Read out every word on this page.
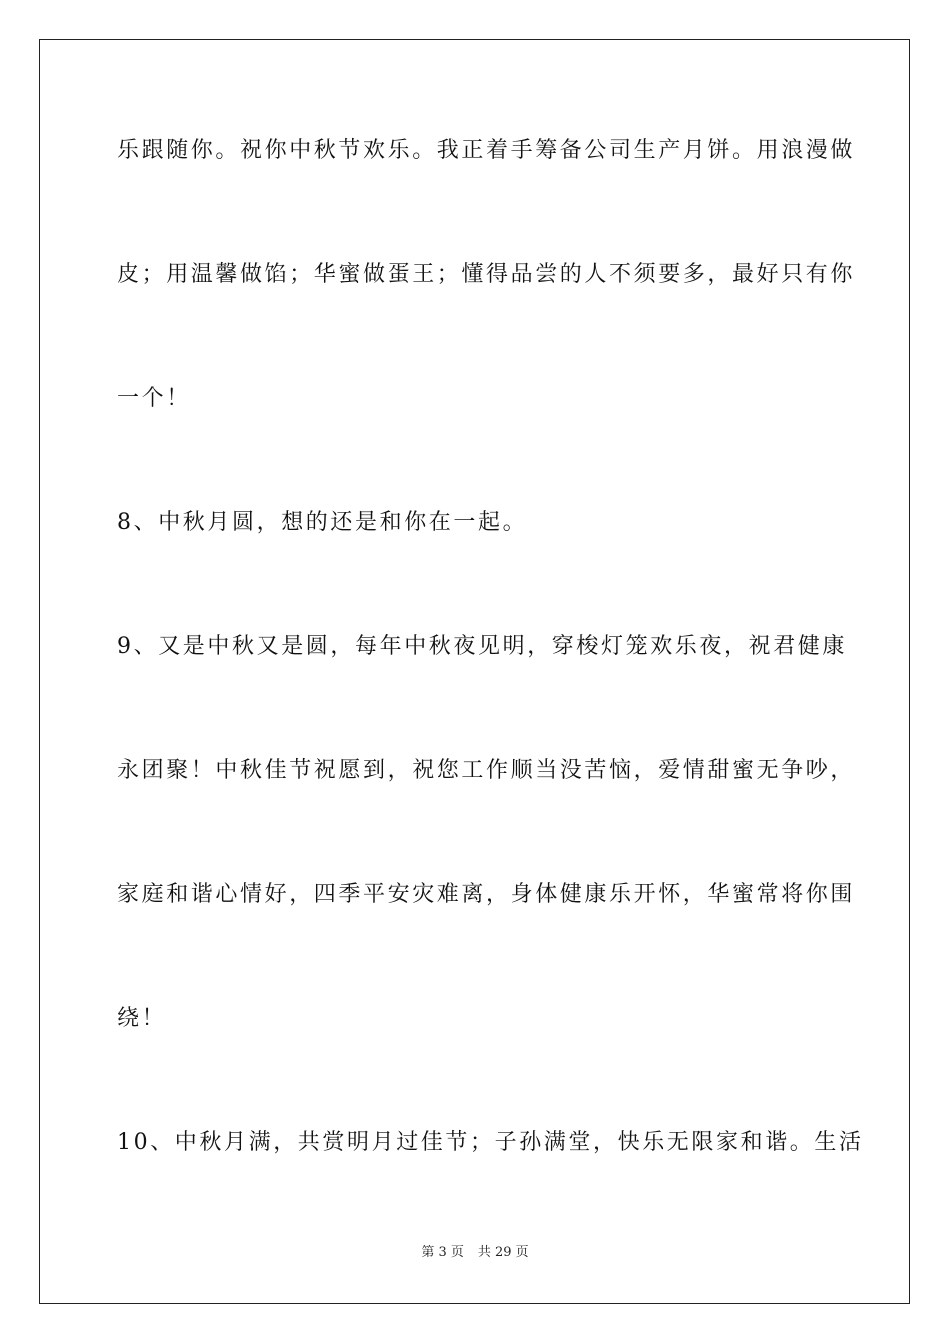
乐跟随你。祝你中秋节欢乐。我正着手筹备公司生产月饼。用浪漫做
皮；用温馨做馅；华蜜做蛋王；懂得品尝的人不须要多，最好只有你
一个！
8、中秋月圆，想的还是和你在一起。
9、又是中秋又是圆，每年中秋夜见明，穿梭灯笼欢乐夜，祝君健康
永团聚！中秋佳节祝愿到，祝您工作顺当没苦恼，爱情甜蜜无争吵，
家庭和谐心情好，四季平安灾难离，身体健康乐开怀，华蜜常将你围
绕！
10、中秋月满，共赏明月过佳节；子孙满堂，快乐无限家和谐。生活
第 3 页 共 29 页
